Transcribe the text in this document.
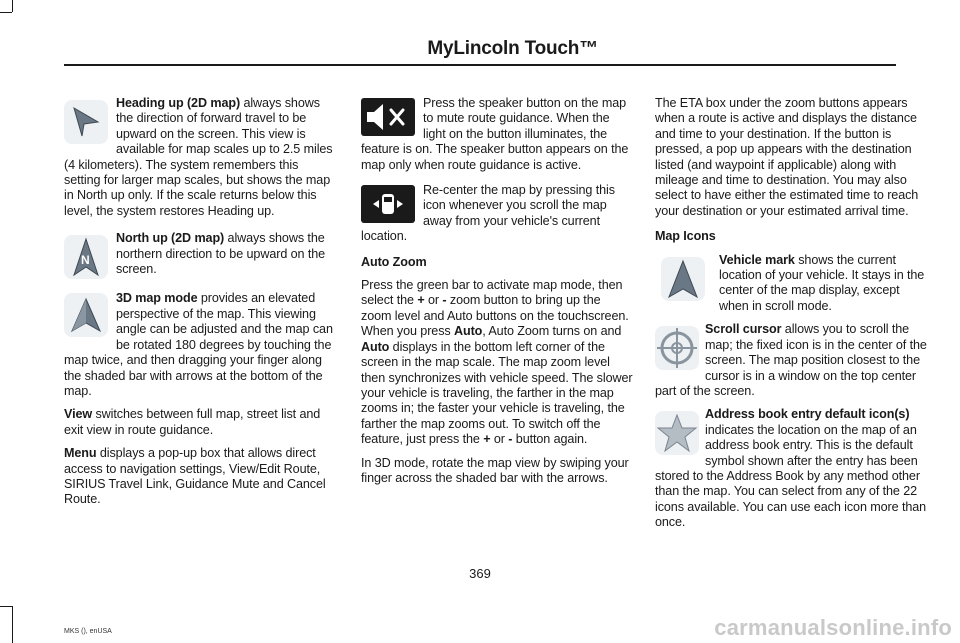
MyLincoln Touch™

Heading up (2D map) always shows the direction of forward travel to be upward on the screen. This view is available for map scales up to 2.5 miles (4 kilometers). The system remembers this setting for larger map scales, but shows the map in North up only. If the scale returns below this level, the system restores Heading up.

N

North up (2D map) always shows the northern direction to be upward on the screen.

3D map mode provides an elevated perspective of the map. This viewing angle can be adjusted and the map can be rotated 180 degrees by touching the map twice, and then dragging your finger along the shaded bar with arrows at the bottom of the map.

View switches between full map, street list and exit view in route guidance.

Menu displays a pop-up box that allows direct access to navigation settings, View/Edit Route, SIRIUS Travel Link, Guidance Mute and Cancel Route.

Press the speaker button on the map to mute route guidance. When the light on the button illuminates, the feature is on. The speaker button appears on the map only when route guidance is active.

Re-center the map by pressing this icon whenever you scroll the map away from your vehicle's current location.

Auto Zoom

Press the green bar to activate map mode, then select the + or - zoom button to bring up the zoom level and Auto buttons on the touchscreen. When you press Auto, Auto Zoom turns on and Auto displays in the bottom left corner of the screen in the map scale. The map zoom level then synchronizes with vehicle speed. The slower your vehicle is traveling, the farther in the map zooms in; the faster your vehicle is traveling, the farther the map zooms out. To switch off the feature, just press the + or - button again.

In 3D mode, rotate the map view by swiping your finger across the shaded bar with the arrows.

The ETA box under the zoom buttons appears when a route is active and displays the distance and time to your destination. If the button is pressed, a pop up appears with the destination listed (and waypoint if applicable) along with mileage and time to destination. You may also select to have either the estimated time to reach your destination or your estimated arrival time.

Map Icons

Vehicle mark shows the current location of your vehicle. It stays in the center of the map display, except when in scroll mode.

Scroll cursor allows you to scroll the map; the fixed icon is in the center of the screen. The map position closest to the cursor is in a window on the top center part of the screen.

Address book entry default icon(s) indicates the location on the map of an address book entry. This is the default symbol shown after the entry has been stored to the Address Book by any method other than the map. You can select from any of the 22 icons available. You can use each icon more than once.

369
MKS (), enUSA	carmanualsonline.info
